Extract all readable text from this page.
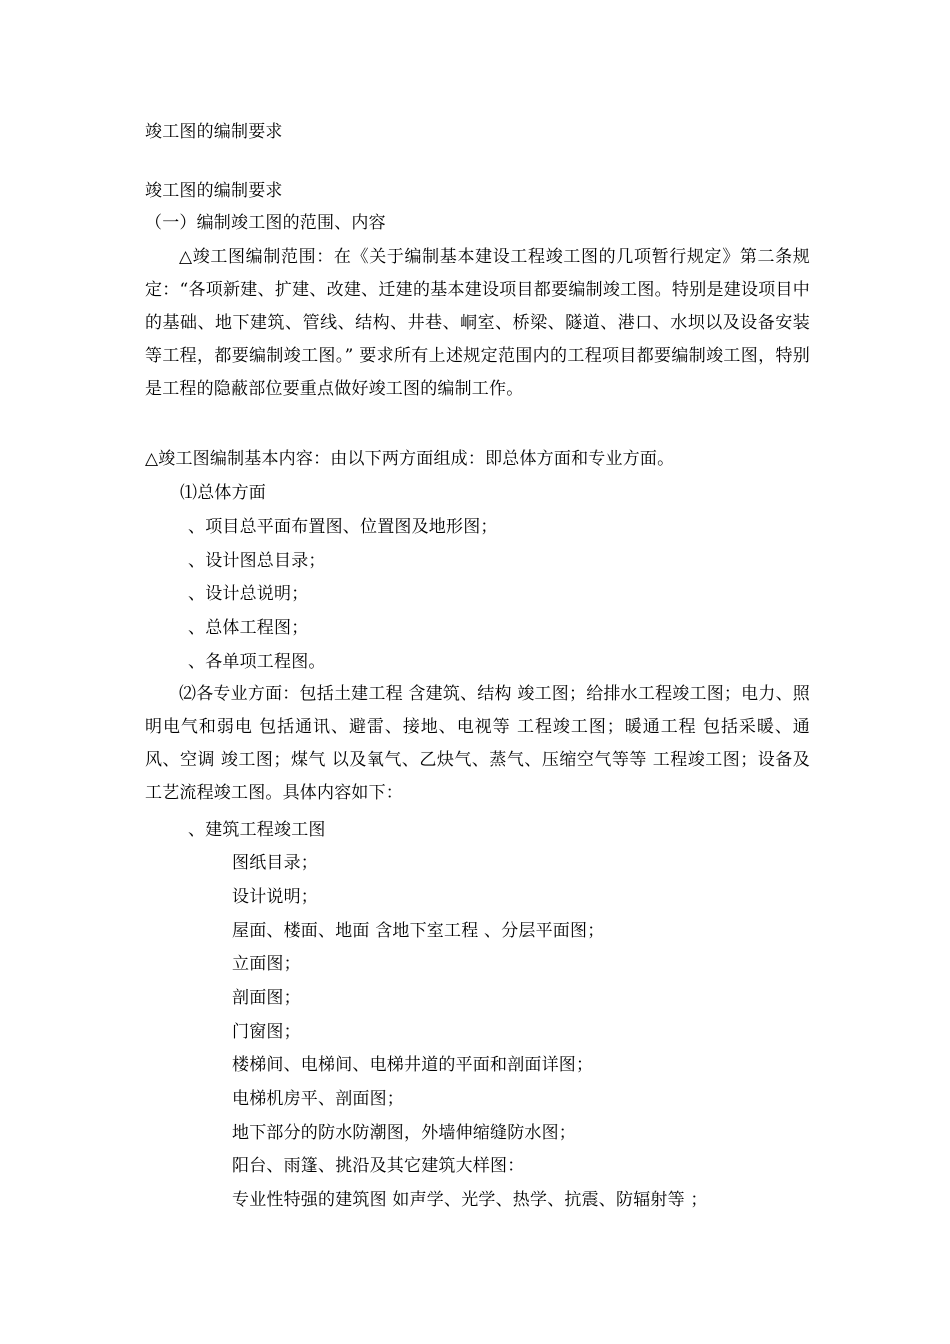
竣工图的编制要求
竣工图的编制要求
（一）编制竣工图的范围、内容
△竣工图编制范围：在《关于编制基本建设工程竣工图的几项暂行规定》第二条规定：“各项新建、扩建、改建、迁建的基本建设项目都要编制竣工图。特别是建设项目中的基础、地下建筑、管线、结构、井巷、峒室、桥梁、隧道、港口、水坝以及设备安装等工程，都要编制竣工图。” 要求所有上述规定范围内的工程项目都要编制竣工图，特别是工程的隐蔽部位要重点做好竣工图的编制工作。
△竣工图编制基本内容：由以下两方面组成：即总体方面和专业方面。
⑴总体方面
、项目总平面布置图、位置图及地形图；
、设计图总目录；
、设计总说明；
、总体工程图；
、各单项工程图。
⑵各专业方面：包括土建工程 含建筑、结构 竣工图；给排水工程竣工图；电力、照明电气和弱电 包括通讯、避雷、接地、电视等 工程竣工图；暖通工程 包括采暖、通风、空调 竣工图；煤气 以及氧气、乙炔气、蒸气、压缩空气等等 工程竣工图；设备及工艺流程竣工图。具体内容如下：
、建筑工程竣工图
图纸目录；
设计说明；
屋面、楼面、地面 含地下室工程 、分层平面图；
立面图；
剖面图；
门窗图；
楼梯间、电梯间、电梯井道的平面和剖面详图；
电梯机房平、剖面图；
地下部分的防水防潮图，外墙伸缩缝防水图；
阳台、雨篷、挑沿及其它建筑大样图：
专业性特强的建筑图 如声学、光学、热学、抗震、防辐射等 ；
